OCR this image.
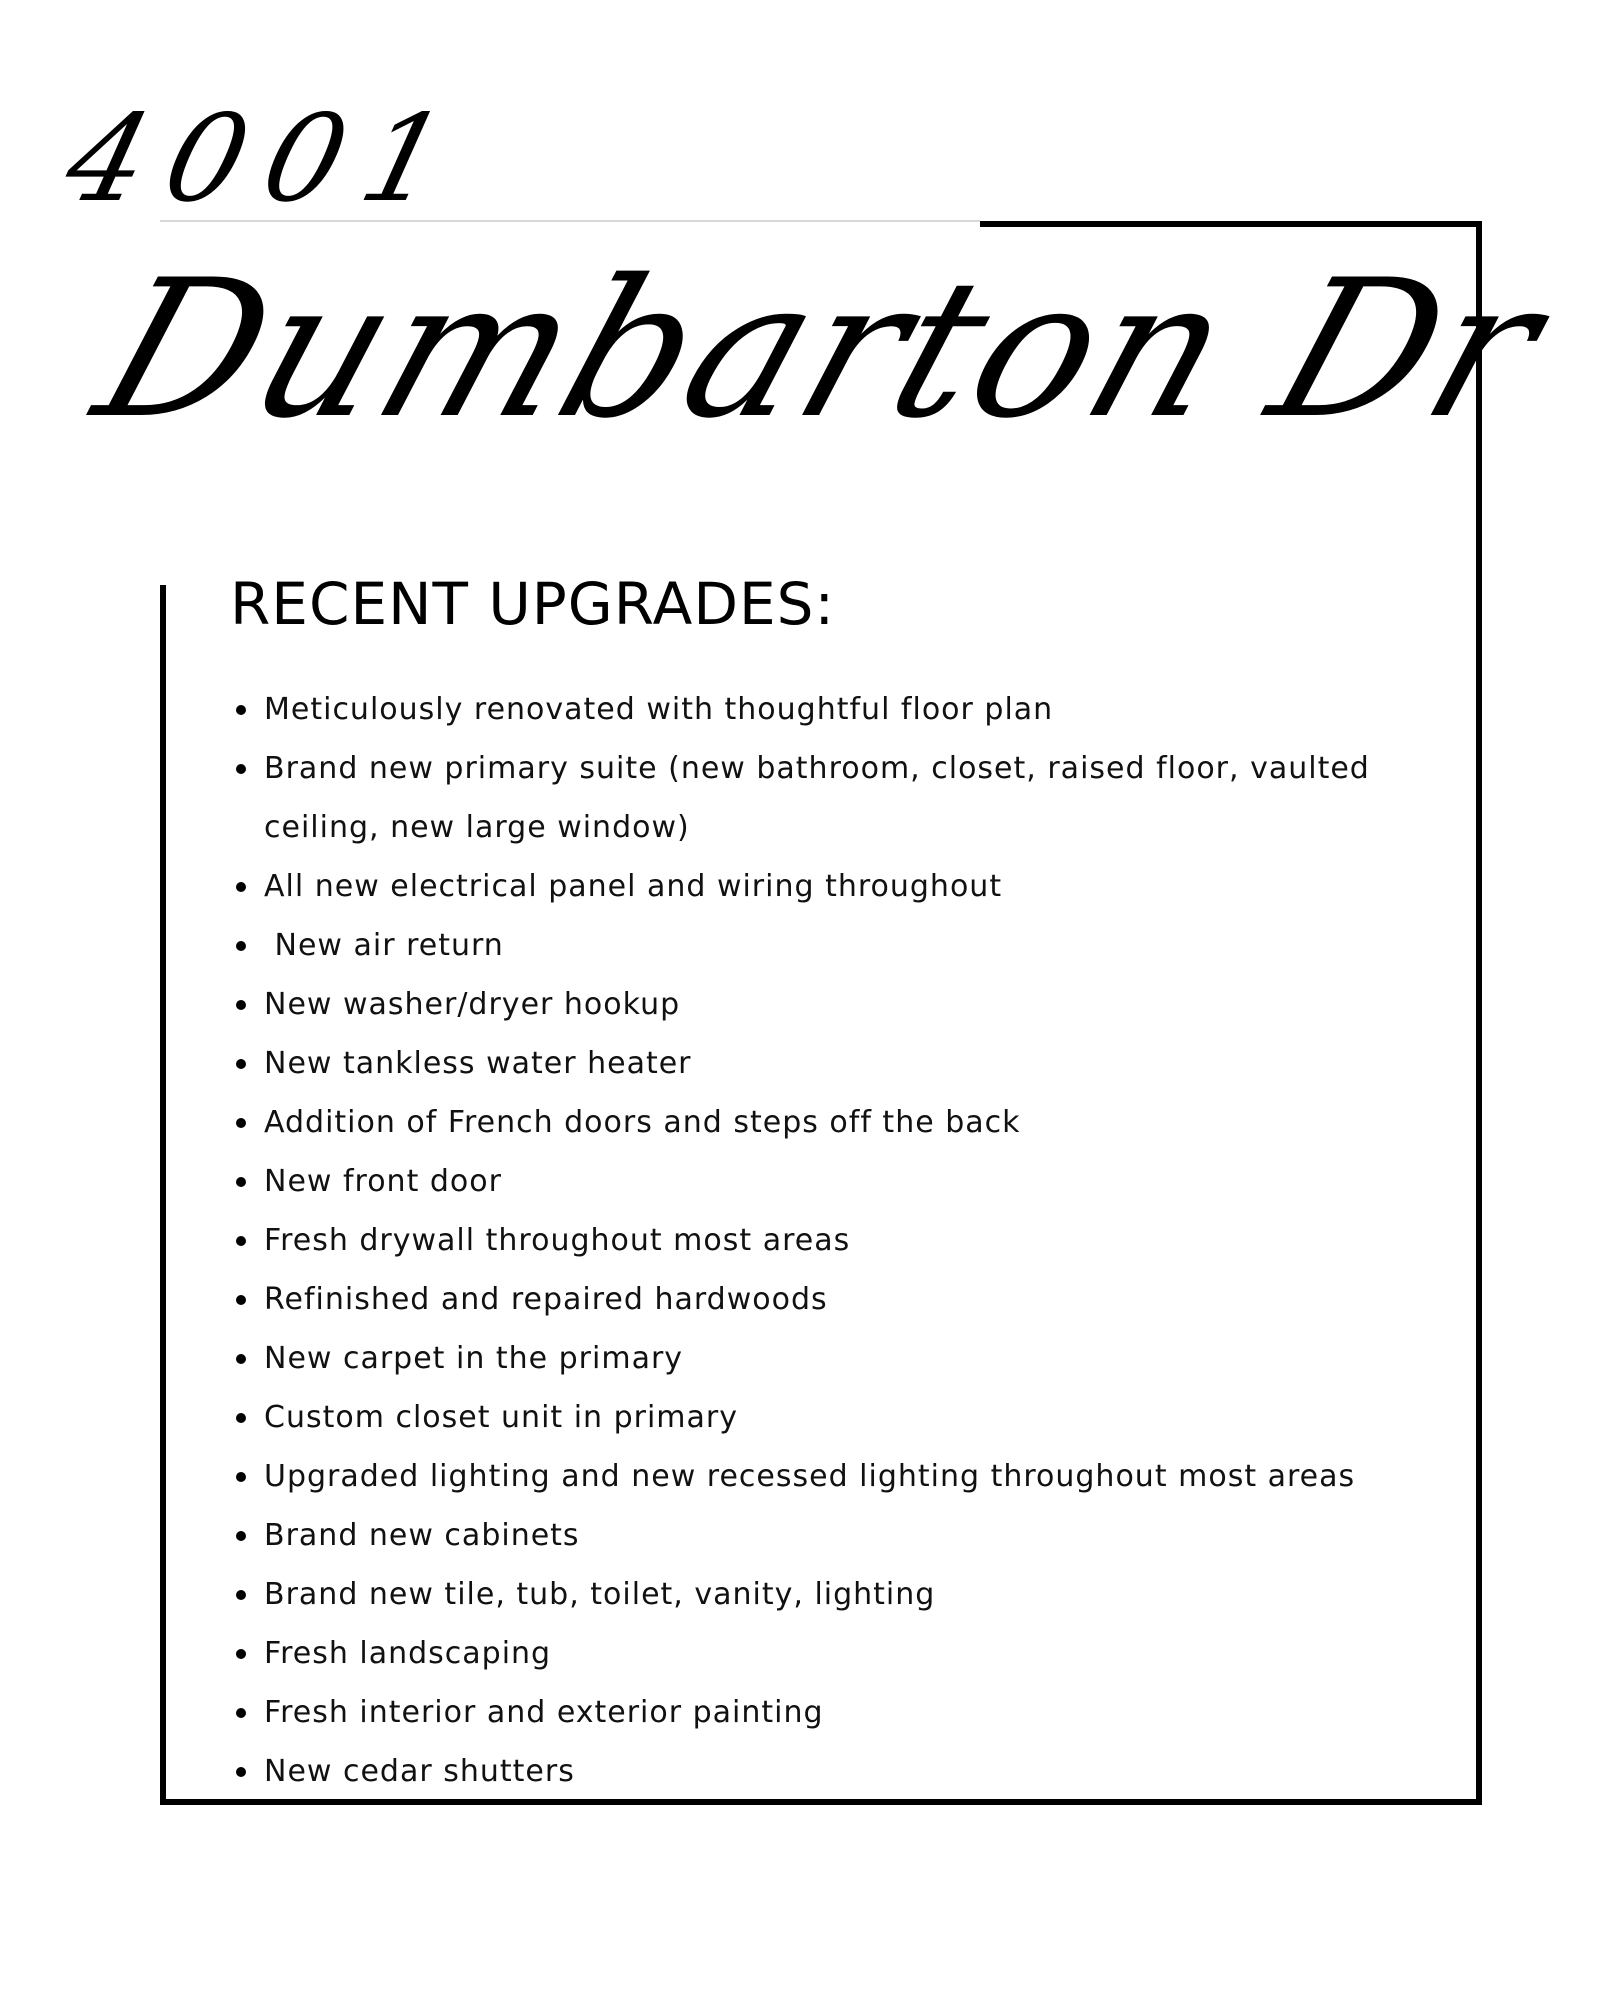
4001
Dumbarton Dr
RECENT UPGRADES:
Meticulously renovated with thoughtful floor plan
Brand new primary suite (new bathroom, closet, raised floor, vaulted ceiling, new large window)
All new electrical panel and wiring throughout
New air return
New washer/dryer hookup
New tankless water heater
Addition of French doors and steps off the back
New front door
Fresh drywall throughout most areas
Refinished and repaired hardwoods
New carpet in the primary
Custom closet unit in primary
Upgraded lighting and new recessed lighting throughout most areas
Brand new cabinets
Brand new tile, tub, toilet, vanity, lighting
Fresh landscaping
Fresh interior and exterior painting
New cedar shutters
